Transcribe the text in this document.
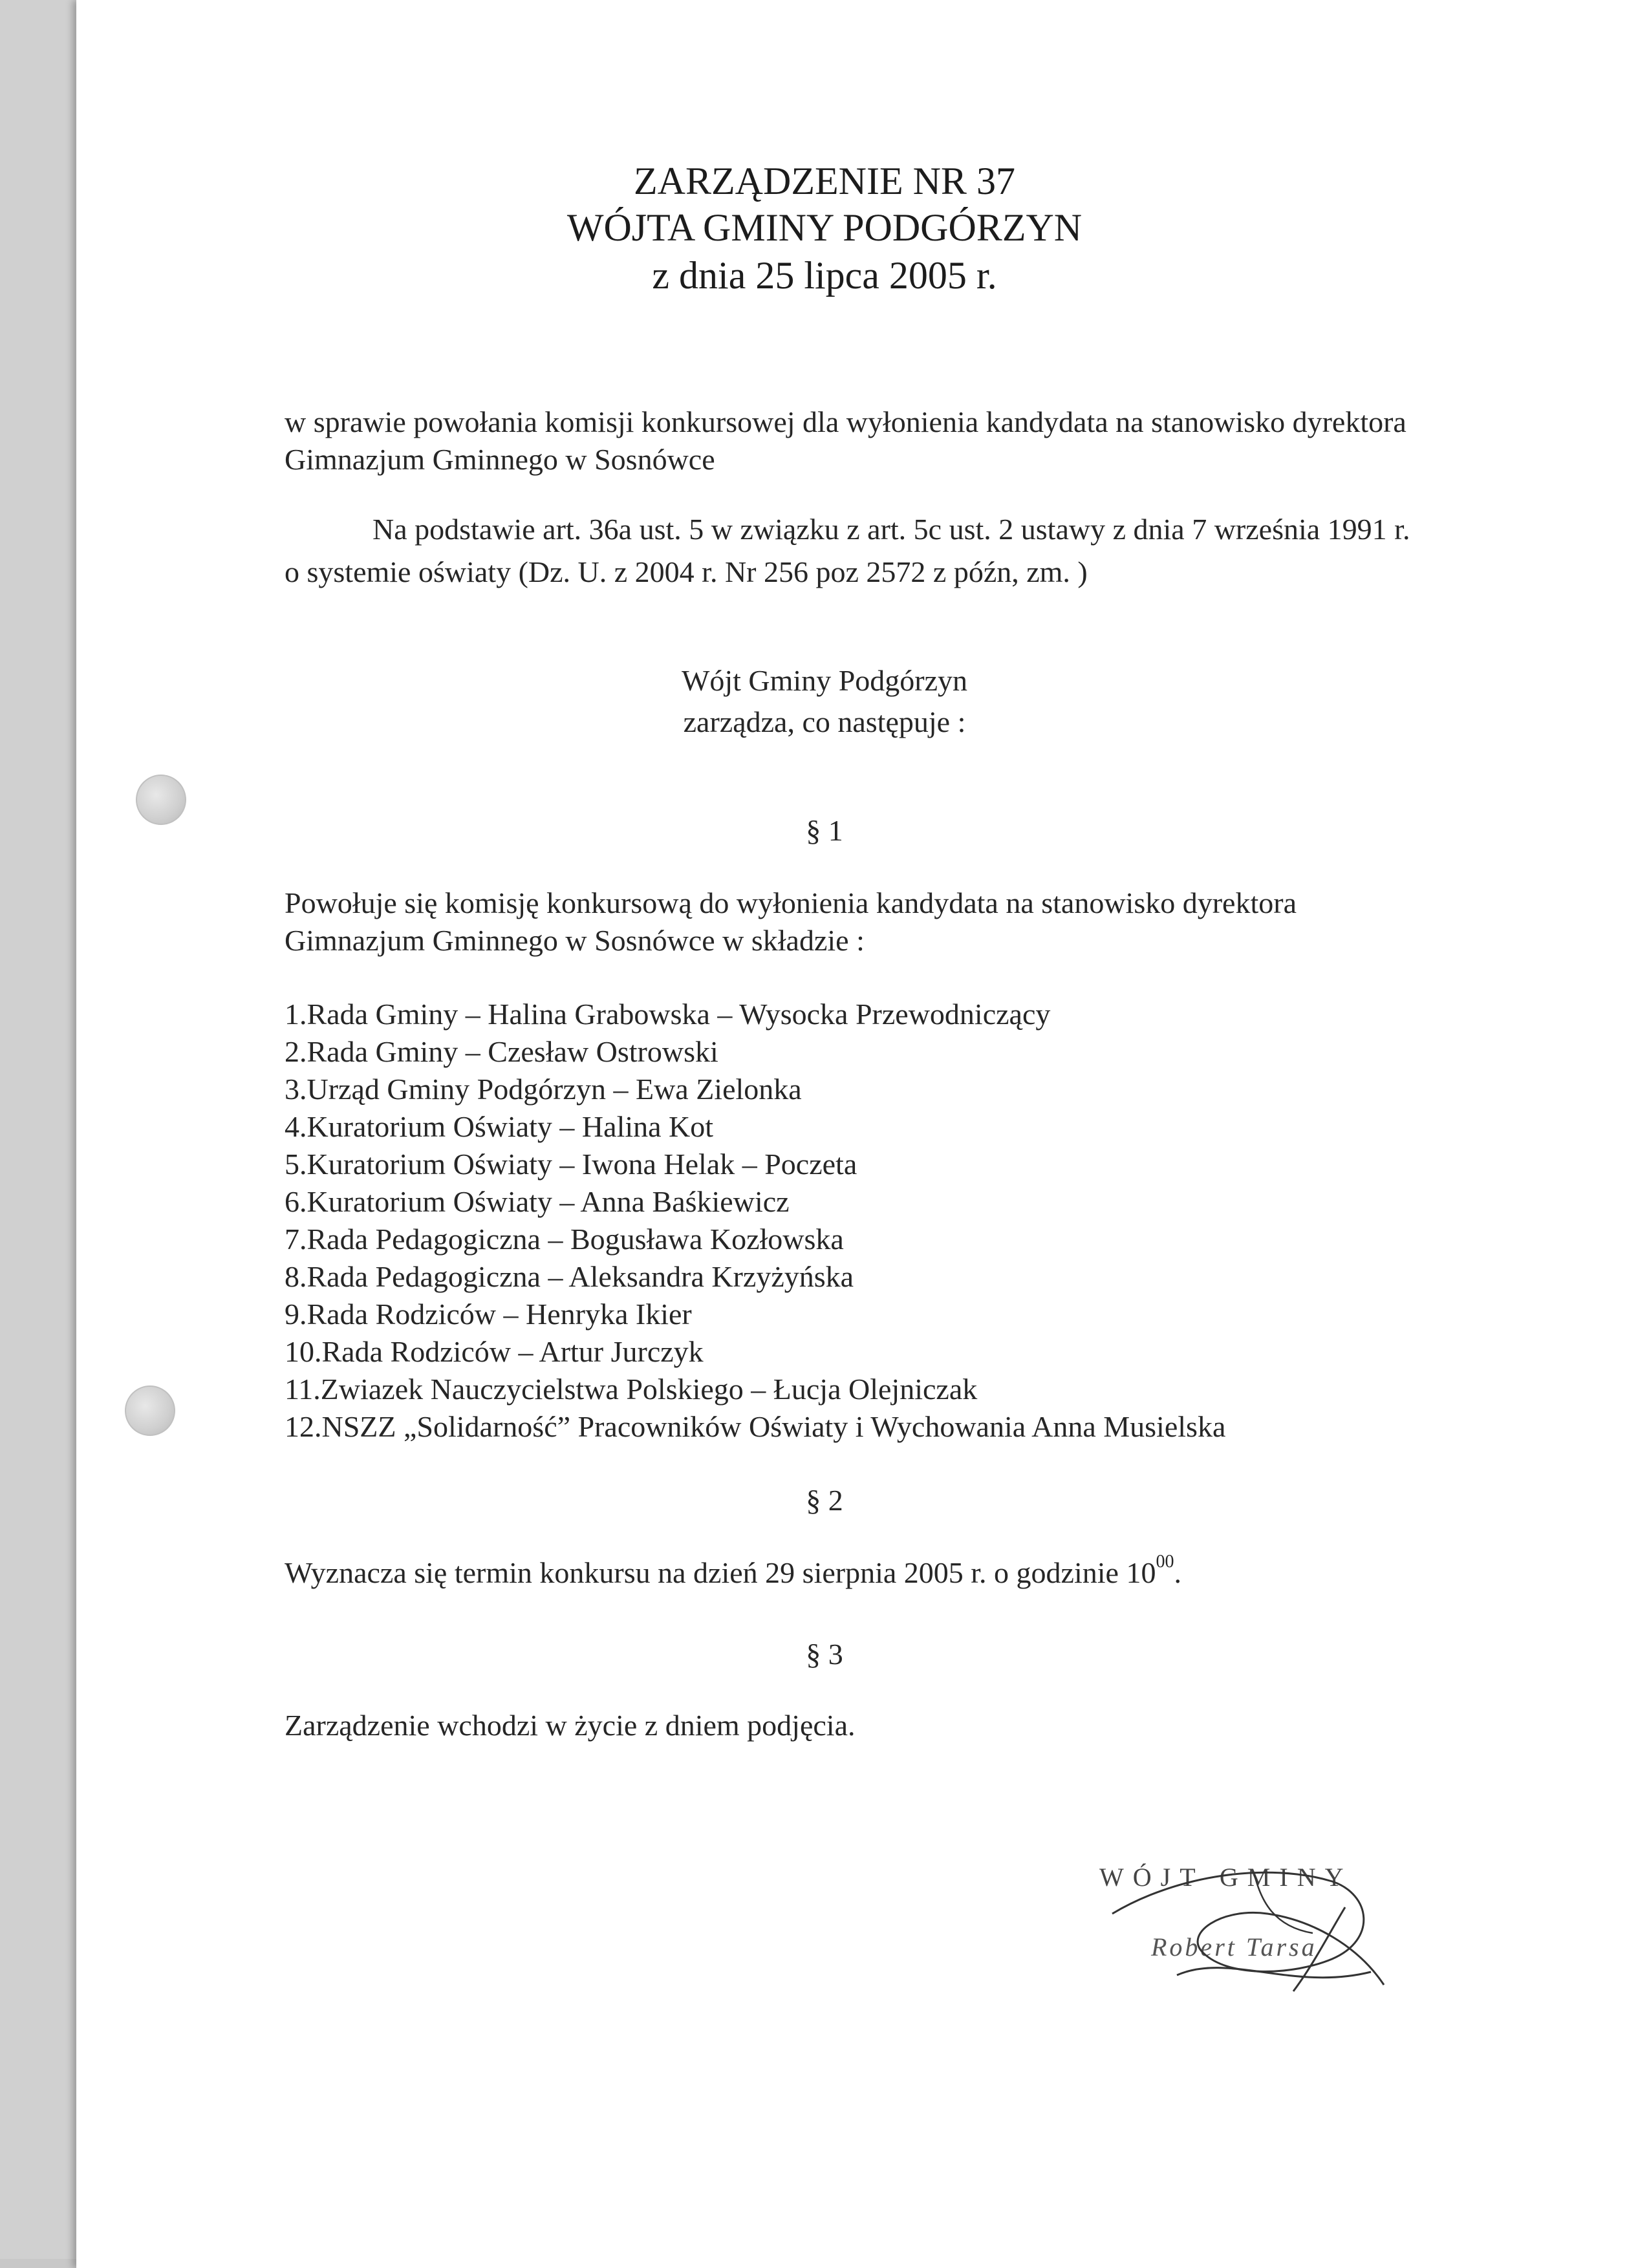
ZARZĄDZENIE NR 37
WÓJTA GMINY PODGÓRZYN
z dnia 25 lipca 2005 r.
w sprawie powołania komisji konkursowej dla wyłonienia kandydata na stanowisko dyrektora
Gimnazjum Gminnego w Sosnówce
Na podstawie art. 36a ust. 5 w związku z art. 5c ust. 2 ustawy z dnia 7 września 1991 r.
o systemie oświaty (Dz. U. z 2004 r. Nr 256 poz 2572 z późn, zm. )
Wójt Gminy Podgórzyn
zarządza, co następuje :
§ 1
Powołuje się komisję konkursową do wyłonienia kandydata na stanowisko dyrektora
Gimnazjum Gminnego w Sosnówce w składzie :
1.Rada Gminy – Halina Grabowska – Wysocka Przewodniczący
2.Rada Gminy – Czesław Ostrowski
3.Urząd Gminy Podgórzyn – Ewa Zielonka
4.Kuratorium Oświaty – Halina Kot
5.Kuratorium Oświaty – Iwona Helak – Poczeta
6.Kuratorium Oświaty – Anna Baśkiewicz
7.Rada Pedagogiczna – Bogusława Kozłowska
8.Rada Pedagogiczna – Aleksandra Krzyżyńska
9.Rada Rodziców – Henryka Ikier
10.Rada Rodziców – Artur Jurczyk
11.Zwiazek Nauczycielstwa Polskiego – Łucja Olejniczak
12.NSZZ „Solidarność” Pracowników Oświaty i Wychowania Anna Musielska
§ 2
Wyznacza się termin konkursu na dzień 29 sierpnia 2005 r. o godzinie $10^{00}$.
§ 3
Zarządzenie wchodzi w życie z dniem podjęcia.
WÓJT GMINY
Robert Tarsa
